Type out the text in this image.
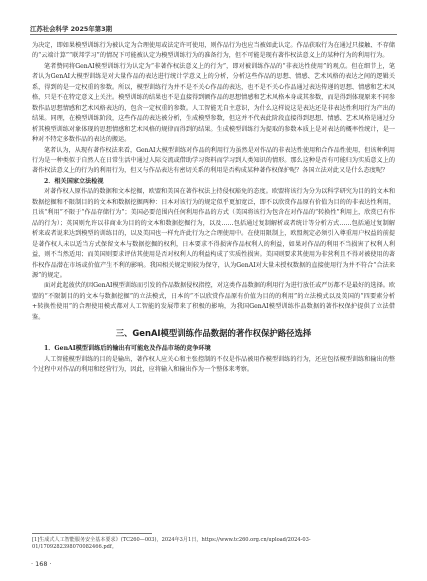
江苏社会科学 2025年第3期

为决定，即如果模型训练行为被认定为合理使用或法定许可使用，则作品行为也应当被如此认定。作品获取行为在通过只接触、不存储的“云端计算”“联邦学习”的情况下可能被认定为模型训练行为的准备行为，但不可能是现有著作权法意义上的某种行为的利用行为。

笔者赞同将GenAI模型训练行为认定为“非著作权法意义上的行为”，即对被训练作品的“非表达性使用”的观点。但在细节上，笔者认为GenAI大模型训练是对大量作品的表达进行统计学意义上的分析，分析这些作品的思想、情感、艺术风格的表达之间的逻辑关系，得到的是一定权重的参数。所以，模型训练行为并不是不关心作品的表达，也不是不关心作品通过表达传递的思想、情感和艺术风格，只是不在特定意义上关注。模型训练的结果也不是直接得到额作品的思想情感和艺术风格本身或其参数，而是得到体现原来不同参数作品思想情感和艺术风格表达的，包含一定权重的参数。人工智能无自主意识，为什么这样说这是表达还是非表达性利用行为产出的结果。同理，在模型训练阶段，这些作品的表达被分析，生成模型参数，但这并不代表此阶段直接得到思想、情感、艺术风格是通过分析其模型训练对象体现的思想情感和艺术风格的规律而得到的结果。生成模型训练行为提取的参数本质上是对表达的概率性统计，是一种对不特定多数作品的表达的搬运。

笔者认为，从现有著作权法来看，GenAI大模型训练对作品的利用行为虽然是对作品的非表达性使用和合作品性使用，但该种利用行为是一种类似于自然人在日常生活中通过人际交流或借助学习资料而学习到人类知识的情形。那么这种是否有可能归为实质意义上的著作权法意义上的行为的利用行为，但又与作品表达有密切关系的利用是否构成某种著作权保护呢？各国立法对此又是什么态度呢？

2．相关国家立法检视

对著作权人原作品的数据和文本挖掘，欧盟和美国在著作权法上持侵权豁免的态度。欧盟将该行为分为以科学研究为目的的文本和数据挖掘和不限制目的的文本和数据挖掘两种：日本对该行为的规定似乎更加宽泛，即不以欣赏作品原有价值为目的的非表达性利用，且该“利用”不限于“作品存储行为”；美国必要范围内任何利用作品的方式（美国将该行为包含在对作品的“转换性”利用上，欣赏已有作品的行为）；英国则允许以非商业为目的的文本和数据挖掘行为，以及……包括通过复制解析或者统计等分析方式……包括通过复制解析来或者说来达到模型的训练目的，以及美国也一样允许此行为之合理使用中。在使用限制上，欧盟规定必须引入尊重用户权益的前提是著作权人未以适当方式保留文本与数据挖掘的权利，日本要求不得损害作品权利人的利益，如果对作品的利用不当损害了权利人利益，则不当然适用；而美国则要求评估其使用是否对权利人的利益构成了实质性损害。美国则要求其使用为非营利且不得对被使用的著作权作品潜在市场或价值产生不利的影响。我国相关规定则较为保守，认为GenAI对大量未授权数据的直接使用行为并不符合“合法来源”的规定。

面对此起彼伏的因GenAI模型训练而引发的作品数据侵权指控，对这类作品数据的利用行为进行放任或严厉都不是最好的选择。欧盟的“不限制目的的文本与数据挖掘”的立法模式，日本的“不以欣赏作品原有价值为目的的利用”的立法模式以及美国的“四要素分析+转换性使用”的合理使用模式都对人工智能的发展带来了积极的影响，为我国GenAI模型训练作品数据的著作权保护提供了立法借鉴。

三、GenAI模型训练作品数据的著作权保护路径选择
1．GenAI模型训练后的输出有可能危及作品市场的竞争环境

人工智能模型训练的目的是输出，著作权人应关心和主张控制的不仅是作品被用作模型训练的行为，还应包括模型训练和输出的整个过程中对作品的利用和经营行为，因此，应将输入和输出作为一个整体来考察。

[1]生成式人工智能服务安全基本要求》(TC260—003)，2024年3月1日，https://www.tc260.org.cn/upload/2024-03-01/1709282398070082466.pdf。
· 168 ·
